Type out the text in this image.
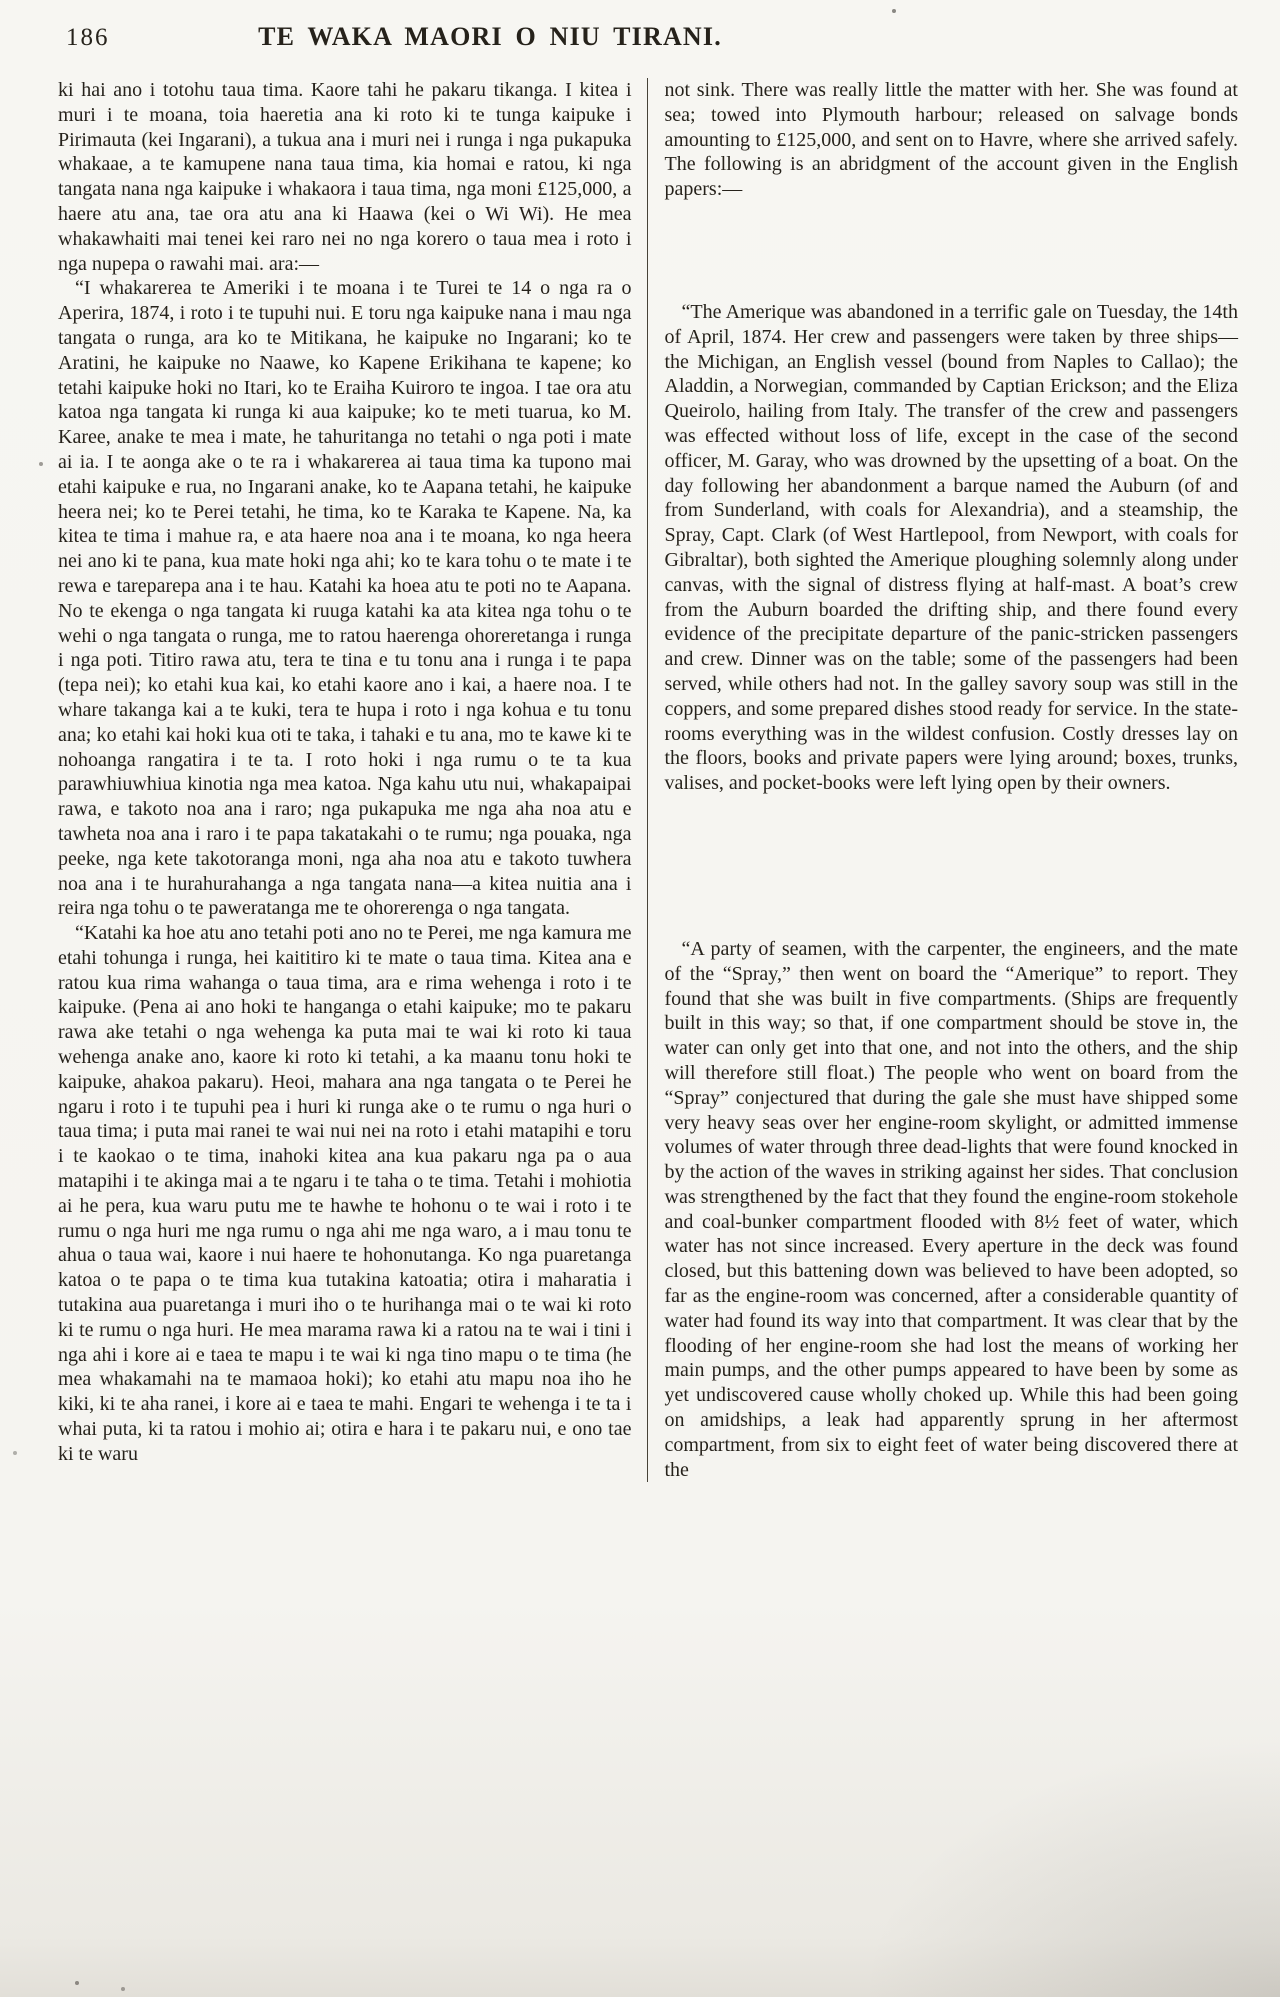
186	TE WAKA MAORI O NIU TIRANI.

ki hai ano i totohu taua tima. Kaore tahi he pakaru tikanga. I kitea i muri i te moana, toia haeretia ana ki roto ki te tunga kaipuke i Pirimauta (kei Ingarani), a tukua ana i muri nei i runga i nga pukapuka whakaae, a te kamupene nana taua tima, kia homai e ratou, ki nga tangata nana nga kaipuke i whakaora i taua tima, nga moni £125,000, a haere atu ana, tae ora atu ana ki Haawa (kei o Wi Wi). He mea whakawhaiti mai tenei kei raro nei no nga korero o taua mea i roto i nga nupepa o rawahi mai. ara:—

“I whakarerea te Ameriki i te moana i te Turei te 14 o nga ra o Aperira, 1874, i roto i te tupuhi nui. E toru nga kaipuke nana i mau nga tangata o runga, ara ko te Mitikana, he kaipuke no Ingarani; ko te Aratini, he kaipuke no Naawe, ko Kapene Erikihana te kapene; ko tetahi kaipuke hoki no Itari, ko te Eraiha Kuiroro te ingoa. I tae ora atu katoa nga tangata ki runga ki aua kaipuke; ko te meti tuarua, ko M. Karee, anake te mea i mate, he tahuritanga no tetahi o nga poti i mate ai ia. I te aonga ake o te ra i whakarerea ai taua tima ka tupono mai etahi kaipuke e rua, no Ingarani anake, ko te Aapana tetahi, he kaipuke heera nei; ko te Perei tetahi, he tima, ko te Karaka te Kapene. Na, ka kitea te tima i mahue ra, e ata haere noa ana i te moana, ko nga heera nei ano ki te pana, kua mate hoki nga ahi; ko te kara tohu o te mate i te rewa e tareparepa ana i te hau. Katahi ka hoea atu te poti no te Aapana. No te ekenga o nga tangata ki ruuga katahi ka ata kitea nga tohu o te wehi o nga tangata o runga, me to ratou haerenga ohoreretanga i runga i nga poti. Titiro rawa atu, tera te tina e tu tonu ana i runga i te papa (tepa nei); ko etahi kua kai, ko etahi kaore ano i kai, a haere noa. I te whare takanga kai a te kuki, tera te hupa i roto i nga kohua e tu tonu ana; ko etahi kai hoki kua oti te taka, i tahaki e tu ana, mo te kawe ki te nohoanga rangatira i te ta. I roto hoki i nga rumu o te ta kua parawhiuwhiua kinotia nga mea katoa. Nga kahu utu nui, whakapaipai rawa, e takoto noa ana i raro; nga pukapuka me nga aha noa atu e tawheta noa ana i raro i te papa takatakahi o te rumu; nga pouaka, nga peeke, nga kete takotoranga moni, nga aha noa atu e takoto tuwhera noa ana i te hurahurahanga a nga tangata nana—a kitea nuitia ana i reira nga tohu o te paweratanga me te ohorerenga o nga tangata.

“Katahi ka hoe atu ano tetahi poti ano no te Perei, me nga kamura me etahi tohunga i runga, hei kaititiro ki te mate o taua tima. Kitea ana e ratou kua rima wahanga o taua tima, ara e rima wehenga i roto i te kaipuke. (Pena ai ano hoki te hanganga o etahi kaipuke; mo te pakaru rawa ake tetahi o nga wehenga ka puta mai te wai ki roto ki taua wehenga anake ano, kaore ki roto ki tetahi, a ka maanu tonu hoki te kaipuke, ahakoa pakaru). Heoi, mahara ana nga tangata o te Perei he ngaru i roto i te tupuhi pea i huri ki runga ake o te rumu o nga huri o taua tima; i puta mai ranei te wai nui nei na roto i etahi matapihi e toru i te kaokao o te tima, inahoki kitea ana kua pakaru nga pa o aua matapihi i te akinga mai a te ngaru i te taha o te tima. Tetahi i mohiotia ai he pera, kua waru putu me te hawhe te hohonu o te wai i roto i te rumu o nga huri me nga rumu o nga ahi me nga waro, a i mau tonu te ahua o taua wai, kaore i nui haere te hohonutanga. Ko nga puaretanga katoa o te papa o te tima kua tutakina katoatia; otira i maharatia i tutakina aua puaretanga i muri iho o te hurihanga mai o te wai ki roto ki te rumu o nga huri. He mea marama rawa ki a ratou na te wai i tini i nga ahi i kore ai e taea te mapu i te wai ki nga tino mapu o te tima (he mea whakamahi na te mamaoa hoki); ko etahi atu mapu noa iho he kiki, ki te aha ranei, i kore ai e taea te mahi. Engari te wehenga i te ta i whai puta, ki ta ratou i mohio ai; otira e hara i te pakaru nui, e ono tae ki te waru

not sink. There was really little the matter with her. She was found at sea; towed into Plymouth harbour; released on salvage bonds amounting to £125,000, and sent on to Havre, where she arrived safely. The following is an abridgment of the account given in the English papers:—

“The Amerique was abandoned in a terrific gale on Tuesday, the 14th of April, 1874. Her crew and passengers were taken by three ships—the Michigan, an English vessel (bound from Naples to Callao); the Aladdin, a Norwegian, commanded by Captian Erickson; and the Eliza Queirolo, hailing from Italy. The transfer of the crew and passengers was effected without loss of life, except in the case of the second officer, M. Garay, who was drowned by the upsetting of a boat. On the day following her abandonment a barque named the Auburn (of and from Sunderland, with coals for Alexandria), and a steamship, the Spray, Capt. Clark (of West Hartlepool, from Newport, with coals for Gibraltar), both sighted the Amerique ploughing solemnly along under canvas, with the signal of distress flying at half-mast. A boat’s crew from the Auburn boarded the drifting ship, and there found every evidence of the precipitate departure of the panic-stricken passengers and crew. Dinner was on the table; some of the passengers had been served, while others had not. In the galley savory soup was still in the coppers, and some prepared dishes stood ready for service. In the state-rooms everything was in the wildest confusion. Costly dresses lay on the floors, books and private papers were lying around; boxes, trunks, valises, and pocket-books were left lying open by their owners.

“A party of seamen, with the carpenter, the engineers, and the mate of the “Spray,” then went on board the “Amerique” to report. They found that she was built in five compartments. (Ships are frequently built in this way; so that, if one compartment should be stove in, the water can only get into that one, and not into the others, and the ship will therefore still float.) The people who went on board from the “Spray” conjectured that during the gale she must have shipped some very heavy seas over her engine-room skylight, or admitted immense volumes of water through three dead-lights that were found knocked in by the action of the waves in striking against her sides. That conclusion was strengthened by the fact that they found the engine-room stokehole and coal-bunker compartment flooded with 8½ feet of water, which water has not since increased. Every aperture in the deck was found closed, but this battening down was believed to have been adopted, so far as the engine-room was concerned, after a considerable quantity of water had found its way into that compartment. It was clear that by the flooding of her engine-room she had lost the means of working her main pumps, and the other pumps appeared to have been by some as yet undiscovered cause wholly choked up. While this had been going on amidships, a leak had apparently sprung in her aftermost compartment, from six to eight feet of water being discovered there at the
